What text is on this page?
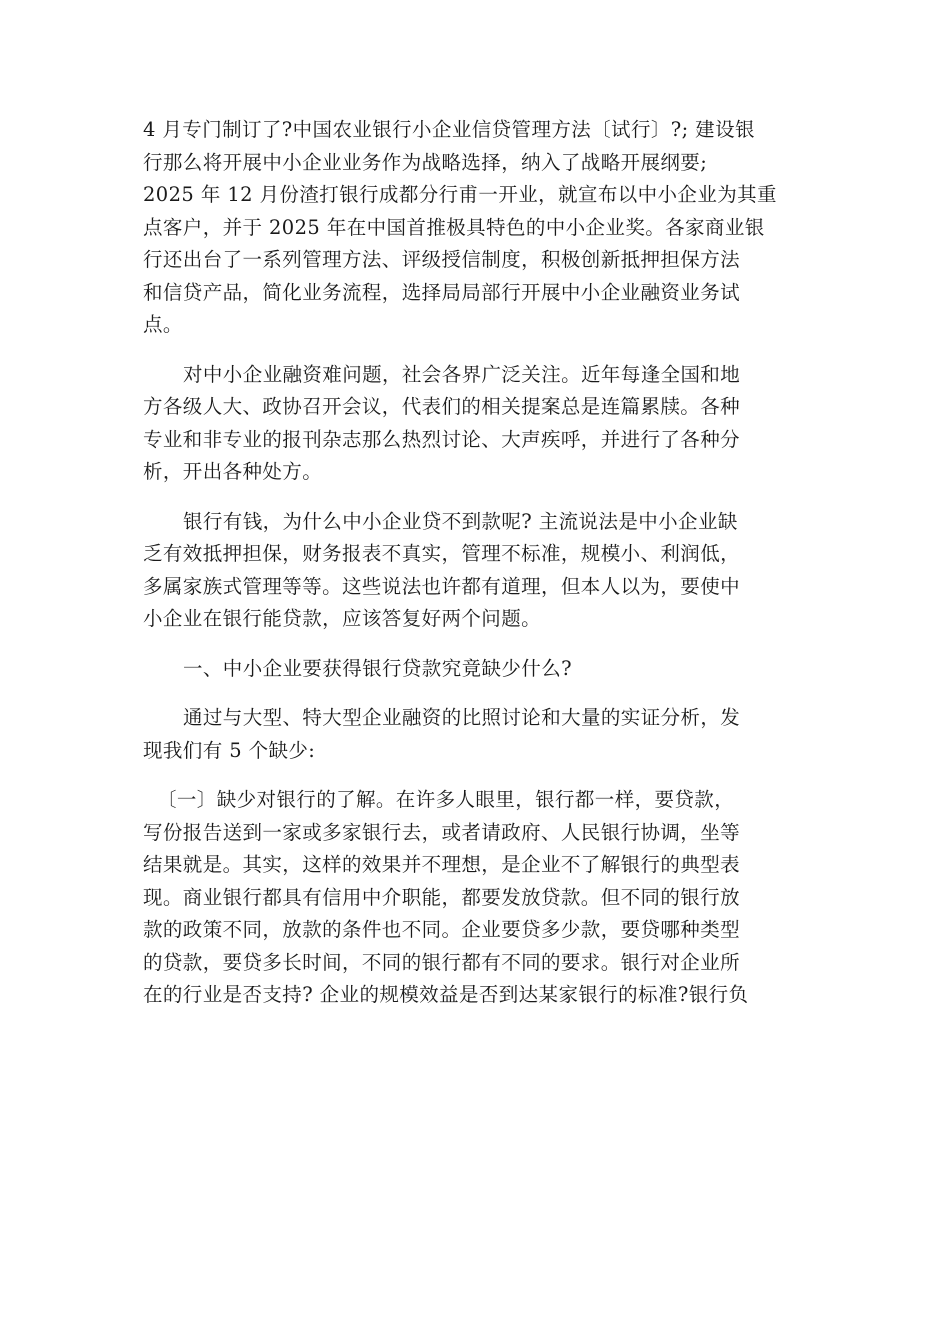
4 月专门制订了?中国农业银行小企业信贷管理方法〔试行〕?; 建设银
行那么将开展中小企业业务作为战略选择，纳入了战略开展纲要;
2025 年 12 月份渣打银行成都分行甫一开业，就宣布以中小企业为其重
点客户，并于 2025 年在中国首推极具特色的中小企业奖。各家商业银
行还出台了一系列管理方法、评级授信制度，积极创新抵押担保方法
和信贷产品，简化业务流程，选择局局部行开展中小企业融资业务试
点。

对中小企业融资难问题，社会各界广泛关注。近年每逢全国和地
方各级人大、政协召开会议，代表们的相关提案总是连篇累牍。各种
专业和非专业的报刊杂志那么热烈讨论、大声疾呼，并进行了各种分
析，开出各种处方。

银行有钱，为什么中小企业贷不到款呢? 主流说法是中小企业缺
乏有效抵押担保，财务报表不真实，管理不标准，规模小、利润低，
多属家族式管理等等。这些说法也许都有道理，但本人以为，要使中
小企业在银行能贷款，应该答复好两个问题。

一、中小企业要获得银行贷款究竟缺少什么?

通过与大型、特大型企业融资的比照讨论和大量的实证分析，发
现我们有 5 个缺少:

〔一〕缺少对银行的了解。在许多人眼里，银行都一样，要贷款，
写份报告送到一家或多家银行去，或者请政府、人民银行协调，坐等
结果就是。其实，这样的效果并不理想，是企业不了解银行的典型表
现。商业银行都具有信用中介职能，都要发放贷款。但不同的银行放
款的政策不同，放款的条件也不同。企业要贷多少款，要贷哪种类型
的贷款，要贷多长时间，不同的银行都有不同的要求。银行对企业所
在的行业是否支持? 企业的规模效益是否到达某家银行的标准?银行负
